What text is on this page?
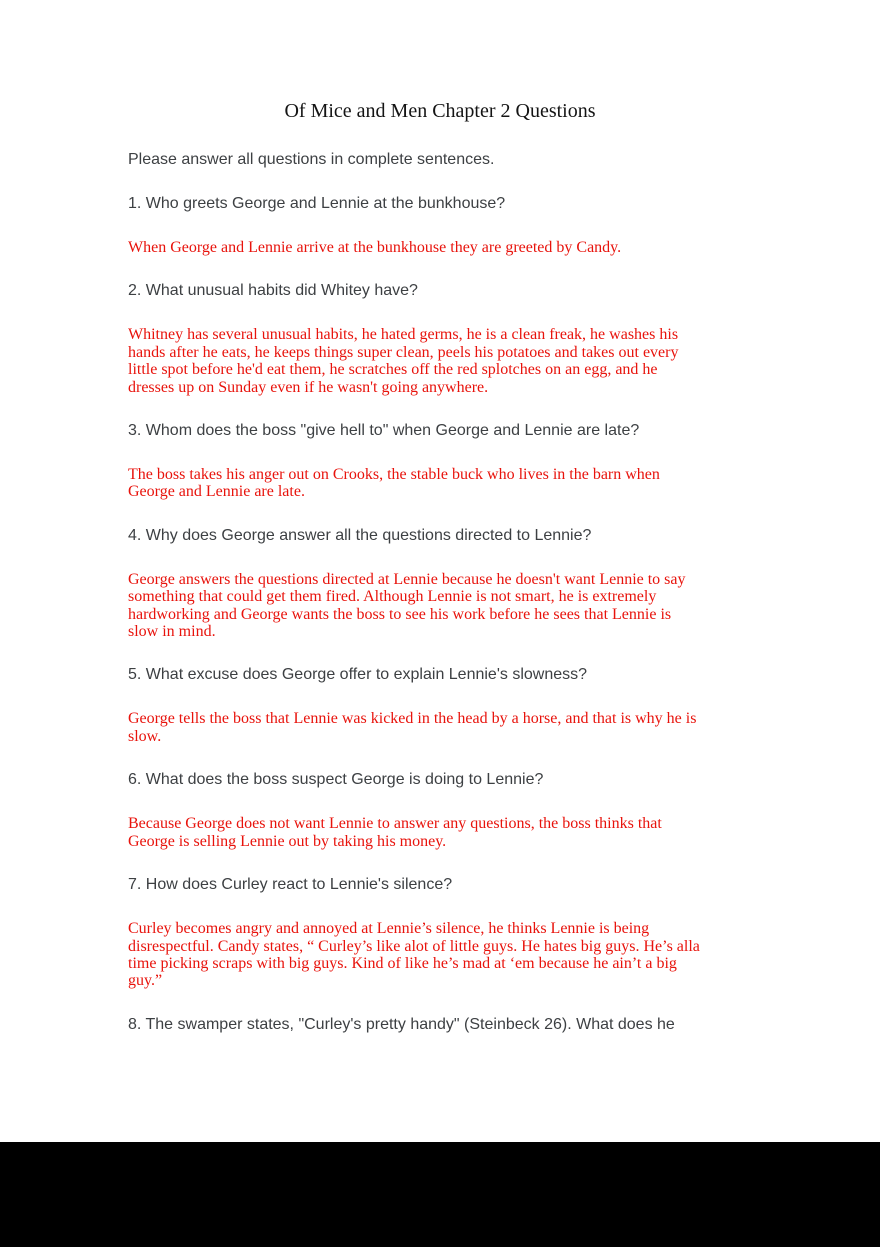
Of Mice and Men Chapter 2 Questions

Please answer all questions in complete sentences.

1. Who greets George and Lennie at the bunkhouse?
When George and Lennie arrive at the bunkhouse they are greeted by Candy.
2. What unusual habits did Whitey have?
Whitney has several unusual habits, he hated germs, he is a clean freak, he washes his
hands after he eats, he keeps things super clean, peels his potatoes and takes out every
little spot before he'd eat them, he scratches off the red splotches on an egg, and he
dresses up on Sunday even if he wasn't going anywhere.
3. Whom does the boss "give hell to" when George and Lennie are late?
The boss takes his anger out on Crooks, the stable buck who lives in the barn when
George and Lennie are late.
4. Why does George answer all the questions directed to Lennie?
George answers the questions directed at Lennie because he doesn't want Lennie to say
something that could get them fired. Although Lennie is not smart, he is extremely
hardworking and George wants the boss to see his work before he sees that Lennie is
slow in mind.
5. What excuse does George offer to explain Lennie's slowness?
George tells the boss that Lennie was kicked in the head by a horse, and that is why he is
slow.
6. What does the boss suspect George is doing to Lennie?
Because George does not want Lennie to answer any questions, the boss thinks that
George is selling Lennie out by taking his money.
7. How does Curley react to Lennie's silence?
Curley becomes angry and annoyed at Lennie’s silence, he thinks Lennie is being
disrespectful. Candy states, “ Curley’s like alot of little guys. He hates big guys. He’s alla
time picking scraps with big guys. Kind of like he’s mad at ‘em because he ain’t a big
guy.”
8. The swamper states, "Curley's pretty handy" (Steinbeck 26). What does he
